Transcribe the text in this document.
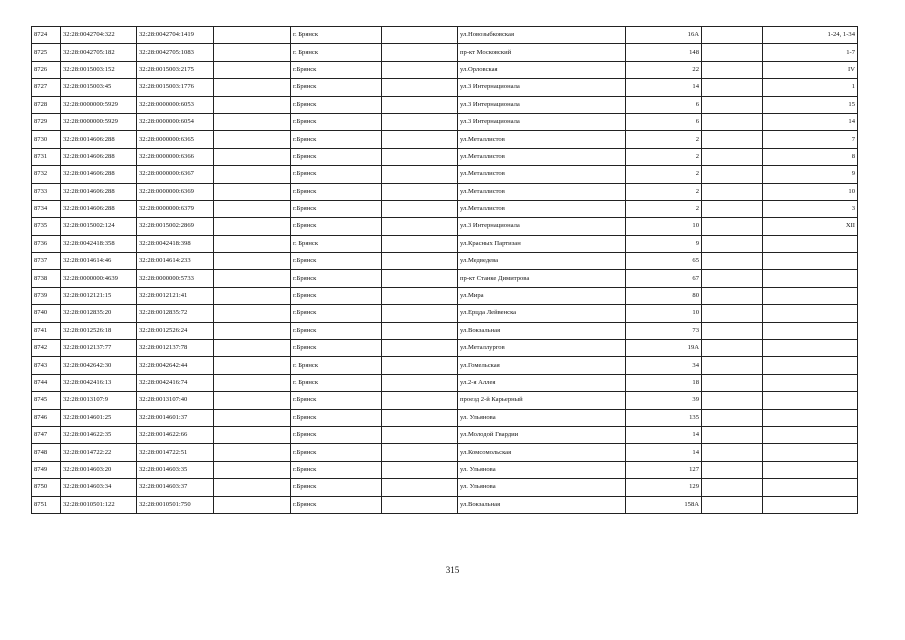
8724	32:28:0042704:322	32:28:0042704:1419		г. Брянск		ул.Новозыбковская	16А		1-24, 1-34
8725	32:28:0042705:182	32:28:0042705:1083		г. Брянск		пр-кт Московский	148		1-7
8726	32:28:0015003:152	32:28:0015003:2175		г.Брянск		ул.Орловская	22		IV
8727	32:28:0015003:45	32:28:0015003:1776		г.Брянск		ул.3 Интернационала	14		1
8728	32:28:0000000:5929	32:28:0000000:6053		г.Брянск		ул.3 Интернационала	6		15
8729	32:28:0000000:5929	32:28:0000000:6054		г.Брянск		ул.3 Интернационала	6		14
8730	32:28:0014606:288	32:28:0000000:6365		г.Брянск		ул.Металлистов	2		7
8731	32:28:0014606:288	32:28:0000000:6366		г.Брянск		ул.Металлистов	2		8
8732	32:28:0014606:288	32:28:0000000:6367		г.Брянск		ул.Металлистов	2		9
8733	32:28:0014606:288	32:28:0000000:6369		г.Брянск		ул.Металлистов	2		10
8734	32:28:0014606:288	32:28:0000000:6379		г.Брянск		ул.Металлистов	2		3
8735	32:28:0015002:124	32:28:0015002:2869		г.Брянск		ул.3 Интернационала	10		XII
8736	32:28:0042418:358	32:28:0042418:398		г. Брянск		ул.Красных Партизан	9		
8737	32:28:0014614:46	32:28:0014614:233		г.Брянск		ул.Медведева	65		
8738	32:28:0000000:4639	32:28:0000000:5733		г.Брянск		пр-кт Станке Димитрова	67		
8739	32:28:0012121:15	32:28:0012121:41		г.Брянск		ул.Мира	80		
8740	32:28:0012835:20	32:28:0012835:72		г.Брянск		ул.Ерцда Лейвенска	10		
8741	32:28:0012526:18	32:28:0012526:24		г.Брянск		ул.Вокзальная	73		
8742	32:28:0012137:77	32:28:0012137:78		г.Брянск		ул.Металлургов	19А		
8743	32:28:0042642:30	32:28:0042642:44		г. Брянск		ул.Гомельская	34		
8744	32:28:0042416:13	32:28:0042416:74		г. Брянск		ул.2-я Аллея	18		
8745	32:28:0013107:9	32:28:0013107:40		г.Брянск		проезд 2-й Карьерный	39		
8746	32:28:0014601:25	32:28:0014601:37		г.Брянск		ул. Ульянова	135		
8747	32:28:0014622:35	32:28:0014622:66		г.Брянск		ул.Молодой Гвардии	14		
8748	32:28:0014722:22	32:28:0014722:51		г.Брянск		ул.Комсомольская	14		
8749	32:28:0014603:20	32:28:0014603:35		г.Брянск		ул. Ульянова	127		
8750	32:28:0014603:34	32:28:0014603:37		г.Брянск		ул. Ульянова	129		
8751	32:28:0010501:122	32:28:0010501:750		г.Брянск		ул.Вокзальная	158А		
315
